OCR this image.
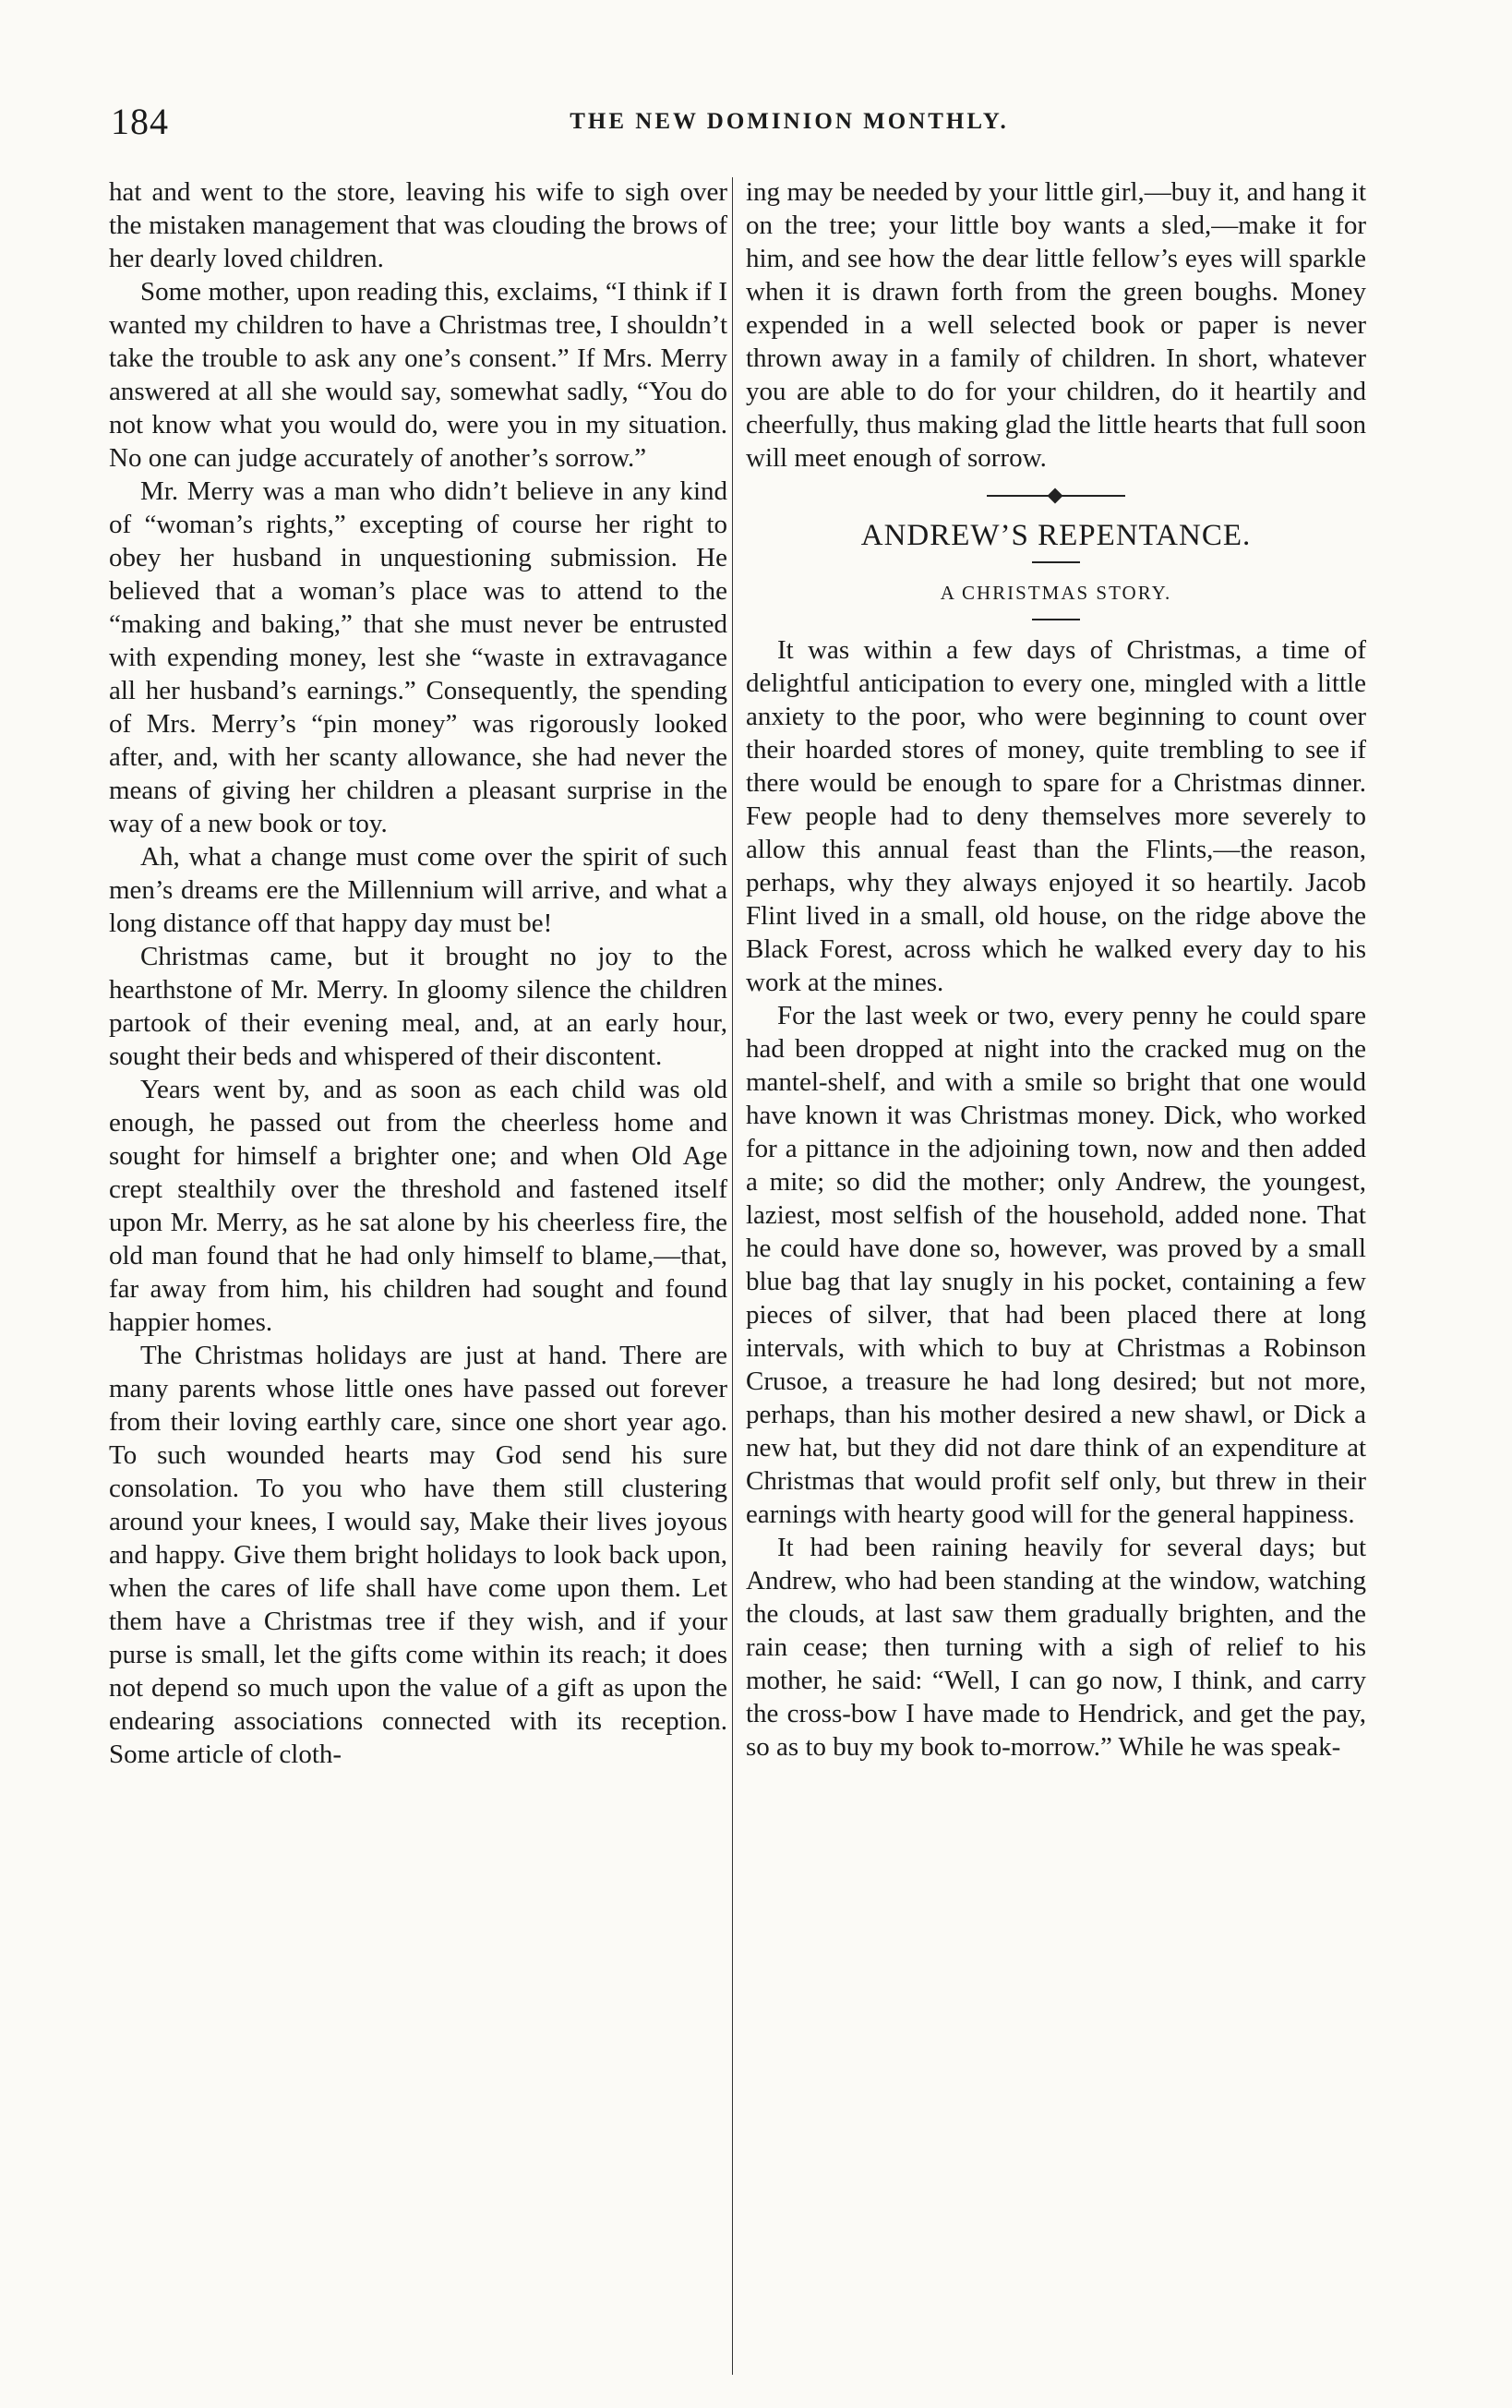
184	THE NEW DOMINION MONTHLY.

hat and went to the store, leaving his wife to sigh over the mistaken management that was clouding the brows of her dearly loved children.

Some mother, upon reading this, exclaims, “I think if I wanted my children to have a Christmas tree, I shouldn’t take the trouble to ask any one’s consent.” If Mrs. Merry answered at all she would say, somewhat sadly, “You do not know what you would do, were you in my situation. No one can judge accurately of another’s sorrow.”

Mr. Merry was a man who didn’t believe in any kind of “woman’s rights,” excepting of course her right to obey her husband in unquestioning submission. He believed that a woman’s place was to attend to the “making and baking,” that she must never be entrusted with expending money, lest she “waste in extravagance all her husband’s earnings.” Consequently, the spending of Mrs. Merry’s “pin money” was rigorously looked after, and, with her scanty allowance, she had never the means of giving her children a pleasant surprise in the way of a new book or toy.

Ah, what a change must come over the spirit of such men’s dreams ere the Millennium will arrive, and what a long distance off that happy day must be!

Christmas came, but it brought no joy to the hearthstone of Mr. Merry. In gloomy silence the children partook of their evening meal, and, at an early hour, sought their beds and whispered of their discontent.

Years went by, and as soon as each child was old enough, he passed out from the cheerless home and sought for himself a brighter one; and when Old Age crept stealthily over the threshold and fastened itself upon Mr. Merry, as he sat alone by his cheerless fire, the old man found that he had only himself to blame,—that, far away from him, his children had sought and found happier homes.

The Christmas holidays are just at hand. There are many parents whose little ones have passed out forever from their loving earthly care, since one short year ago. To such wounded hearts may God send his sure consolation. To you who have them still clustering around your knees, I would say, Make their lives joyous and happy. Give them bright holidays to look back upon, when the cares of life shall have come upon them. Let them have a Christmas tree if they wish, and if your purse is small, let the gifts come within its reach; it does not depend so much upon the value of a gift as upon the endearing associations connected with its reception. Some article of cloth-

ing may be needed by your little girl,—buy it, and hang it on the tree; your little boy wants a sled,—make it for him, and see how the dear little fellow’s eyes will sparkle when it is drawn forth from the green boughs. Money expended in a well selected book or paper is never thrown away in a family of children. In short, whatever you are able to do for your children, do it heartily and cheerfully, thus making glad the little hearts that full soon will meet enough of sorrow.

ANDREW’S REPENTANCE.
A CHRISTMAS STORY.

It was within a few days of Christmas, a time of delightful anticipation to every one, mingled with a little anxiety to the poor, who were beginning to count over their hoarded stores of money, quite trembling to see if there would be enough to spare for a Christmas dinner. Few people had to deny themselves more severely to allow this annual feast than the Flints,—the reason, perhaps, why they always enjoyed it so heartily. Jacob Flint lived in a small, old house, on the ridge above the Black Forest, across which he walked every day to his work at the mines.

For the last week or two, every penny he could spare had been dropped at night into the cracked mug on the mantel-shelf, and with a smile so bright that one would have known it was Christmas money. Dick, who worked for a pittance in the adjoining town, now and then added a mite; so did the mother; only Andrew, the youngest, laziest, most selfish of the household, added none. That he could have done so, however, was proved by a small blue bag that lay snugly in his pocket, containing a few pieces of silver, that had been placed there at long intervals, with which to buy at Christmas a Robinson Crusoe, a treasure he had long desired; but not more, perhaps, than his mother desired a new shawl, or Dick a new hat, but they did not dare think of an expenditure at Christmas that would profit self only, but threw in their earnings with hearty good will for the general happiness.

It had been raining heavily for several days; but Andrew, who had been standing at the window, watching the clouds, at last saw them gradually brighten, and the rain cease; then turning with a sigh of relief to his mother, he said: “Well, I can go now, I think, and carry the cross-bow I have made to Hendrick, and get the pay, so as to buy my book to-morrow.” While he was speak-
